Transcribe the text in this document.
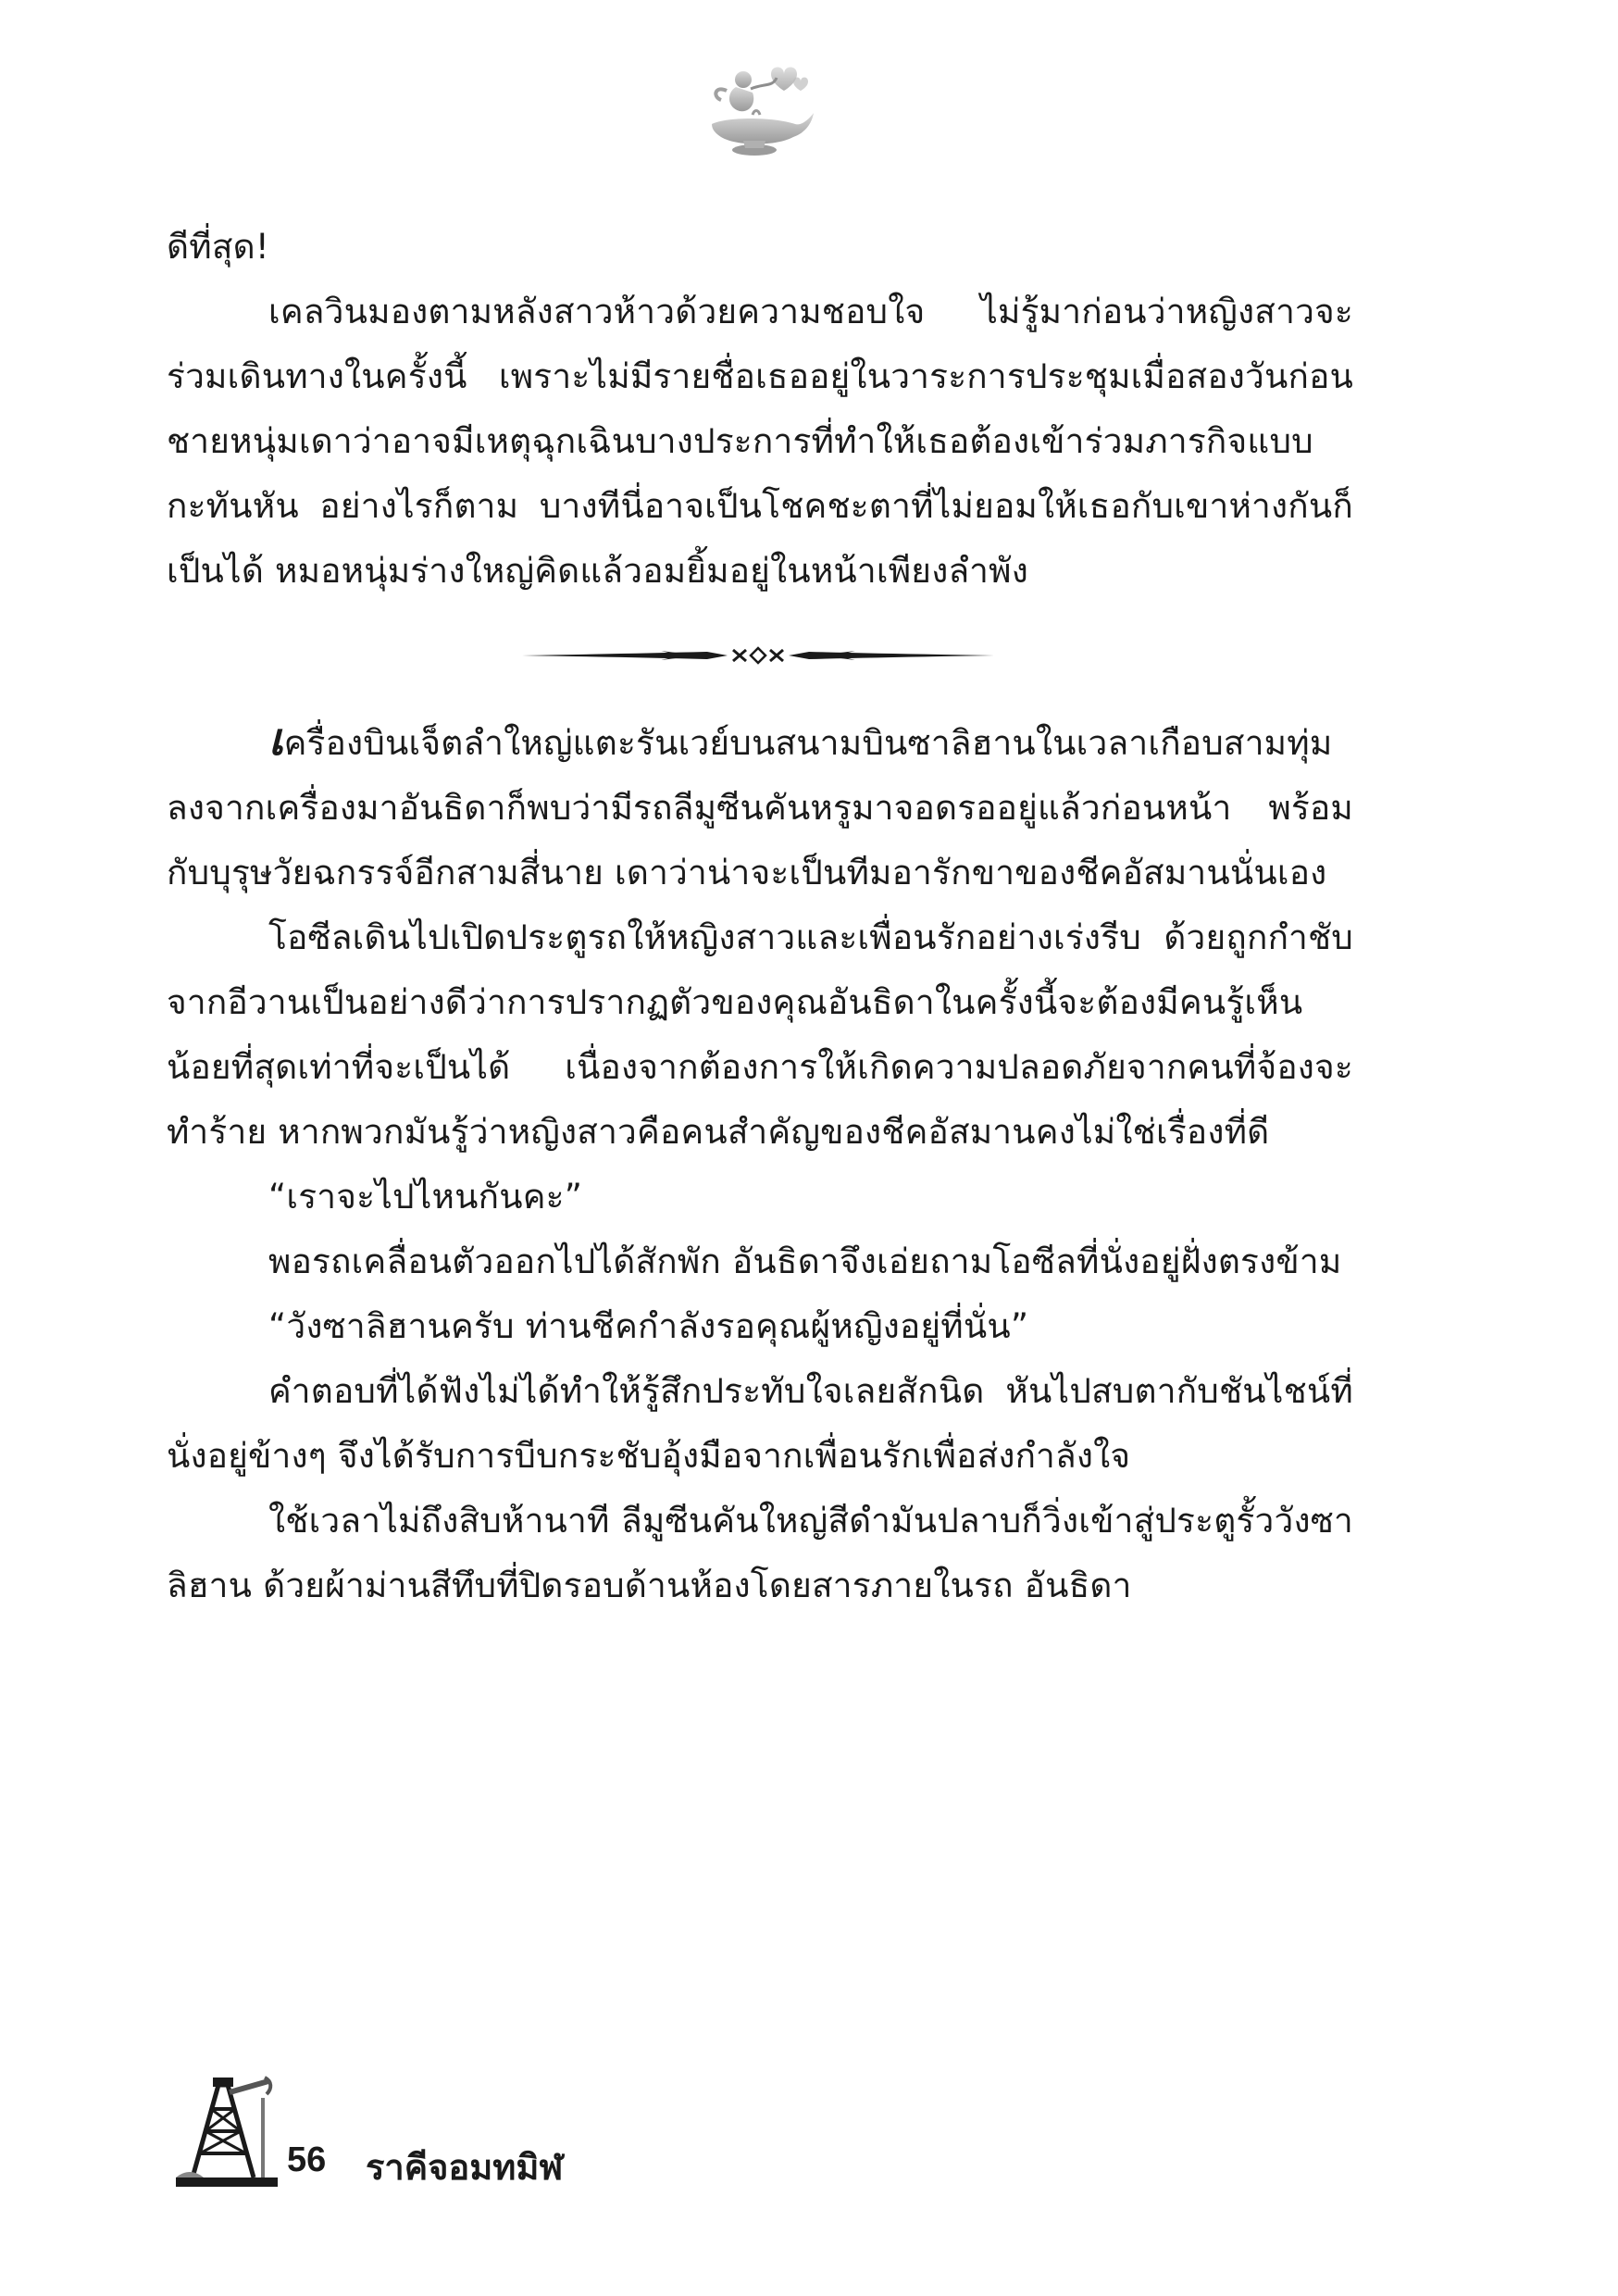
ดีที่สุด!

เคลวินมองตามหลังสาวห้าวด้วยความชอบใจ ไม่รู้มาก่อนว่าหญิงสาวจะร่วมเดินทางในครั้งนี้ เพราะไม่มีรายชื่อเธออยู่ในวาระการประชุมเมื่อสองวันก่อน ชายหนุ่มเดาว่าอาจมีเหตุฉุกเฉินบางประการที่ทำให้เธอต้องเข้าร่วมภารกิจแบบกะทันหัน อย่างไรก็ตาม บางทีนี่อาจเป็นโชคชะตาที่ไม่ยอมให้เธอกับเขาห่างกันก็เป็นได้ หมอหนุ่มร่างใหญ่คิดแล้วอมยิ้มอยู่ในหน้าเพียงลำพัง

เครื่องบินเจ็ตลำใหญ่แตะรันเวย์บนสนามบินซาลิฮานในเวลาเกือบสามทุ่ม ลงจากเครื่องมาอันธิดาก็พบว่ามีรถลีมูซีนคันหรูมาจอดรออยู่แล้วก่อนหน้า พร้อมกับบุรุษวัยฉกรรจ์อีกสามสี่นาย เดาว่าน่าจะเป็นทีมอารักขาของชีคอัสมานนั่นเอง

โอซีลเดินไปเปิดประตูรถให้หญิงสาวและเพื่อนรักอย่างเร่งรีบ ด้วยถูกกำชับจากอีวานเป็นอย่างดีว่าการปรากฏตัวของคุณอันธิดาในครั้งนี้จะต้องมีคนรู้เห็นน้อยที่สุดเท่าที่จะเป็นได้ เนื่องจากต้องการให้เกิดความปลอดภัยจากคนที่จ้องจะทำร้าย หากพวกมันรู้ว่าหญิงสาวคือคนสำคัญของชีคอัสมานคงไม่ใช่เรื่องที่ดี

“เราจะไปไหนกันคะ”

พอรถเคลื่อนตัวออกไปได้สักพัก อันธิดาจึงเอ่ยถามโอซีลที่นั่งอยู่ฝั่งตรงข้าม

“วังซาลิฮานครับ ท่านชีคกำลังรอคุณผู้หญิงอยู่ที่นั่น”

คำตอบที่ได้ฟังไม่ได้ทำให้รู้สึกประทับใจเลยสักนิด หันไปสบตากับชันไชน์ที่นั่งอยู่ข้างๆ จึงได้รับการบีบกระชับอุ้งมือจากเพื่อนรักเพื่อส่งกำลังใจ

ใช้เวลาไม่ถึงสิบห้านาที ลีมูซีนคันใหญ่สีดำมันปลาบก็วิ่งเข้าสู่ประตูรั้ววังซาลิฮาน ด้วยผ้าม่านสีทึบที่ปิดรอบด้านห้องโดยสารภายในรถ อันธิดา

56 ราคีจอมทมิฬ
